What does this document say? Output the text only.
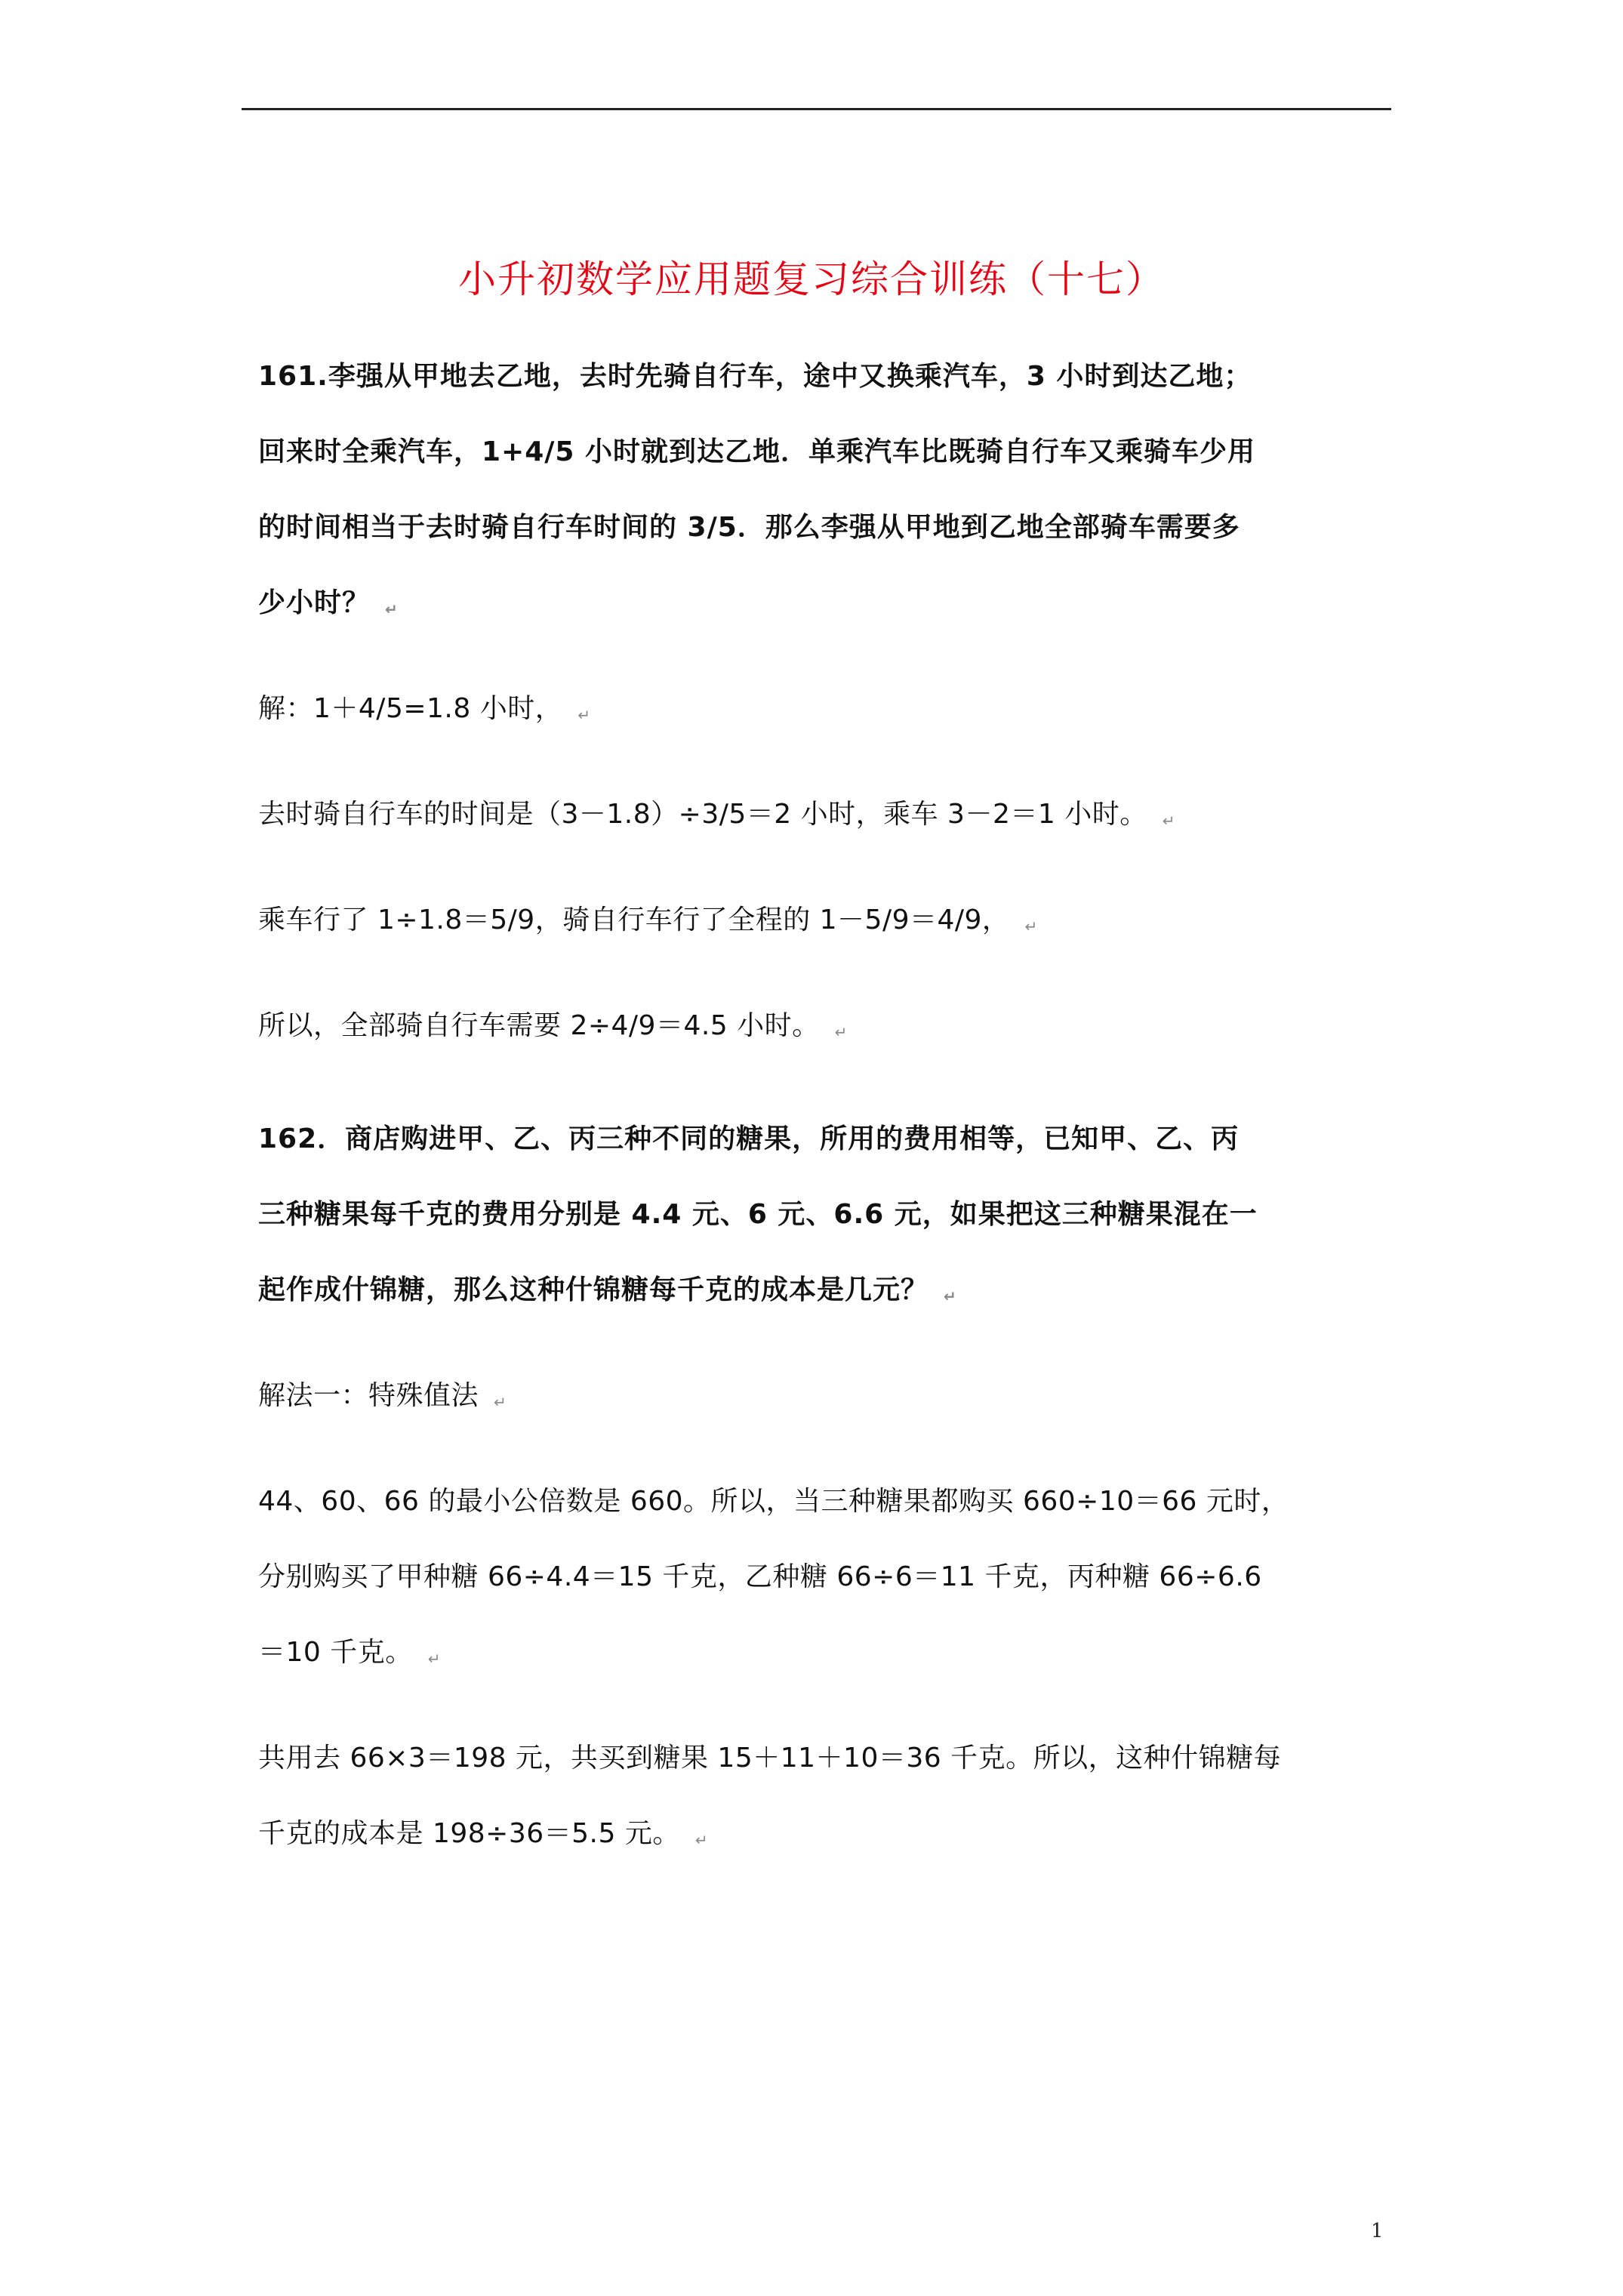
小升初数学应用题复习综合训练（十七）
161.李强从甲地去乙地，去时先骑自行车，途中又换乘汽车，3 小时到达乙地；
回来时全乘汽车，1+4/5 小时就到达乙地．单乘汽车比既骑自行车又乘骑车少用
的时间相当于去时骑自行车时间的 3/5．那么李强从甲地到乙地全部骑车需要多
少小时？ ↵
解：1＋4/5=1.8 小时， ↵
去时骑自行车的时间是（3－1.8）÷3/5＝2 小时，乘车 3－2＝1 小时。 ↵
乘车行了 1÷1.8＝5/9，骑自行车行了全程的 1－5/9＝4/9， ↵
所以，全部骑自行车需要 2÷4/9＝4.5 小时。 ↵
162．商店购进甲、乙、丙三种不同的糖果，所用的费用相等，已知甲、乙、丙
三种糖果每千克的费用分别是 4.4 元、6 元、6.6 元，如果把这三种糖果混在一
起作成什锦糖，那么这种什锦糖每千克的成本是几元？ ↵
解法一：特殊值法 ↵
44、60、66 的最小公倍数是 660。所以，当三种糖果都购买 660÷10＝66 元时，
分别购买了甲种糖 66÷4.4＝15 千克，乙种糖 66÷6＝11 千克，丙种糖 66÷6.6
＝10 千克。 ↵
共用去 66×3＝198 元，共买到糖果 15＋11＋10＝36 千克。所以，这种什锦糖每
千克的成本是 198÷36＝5.5 元。 ↵
1
